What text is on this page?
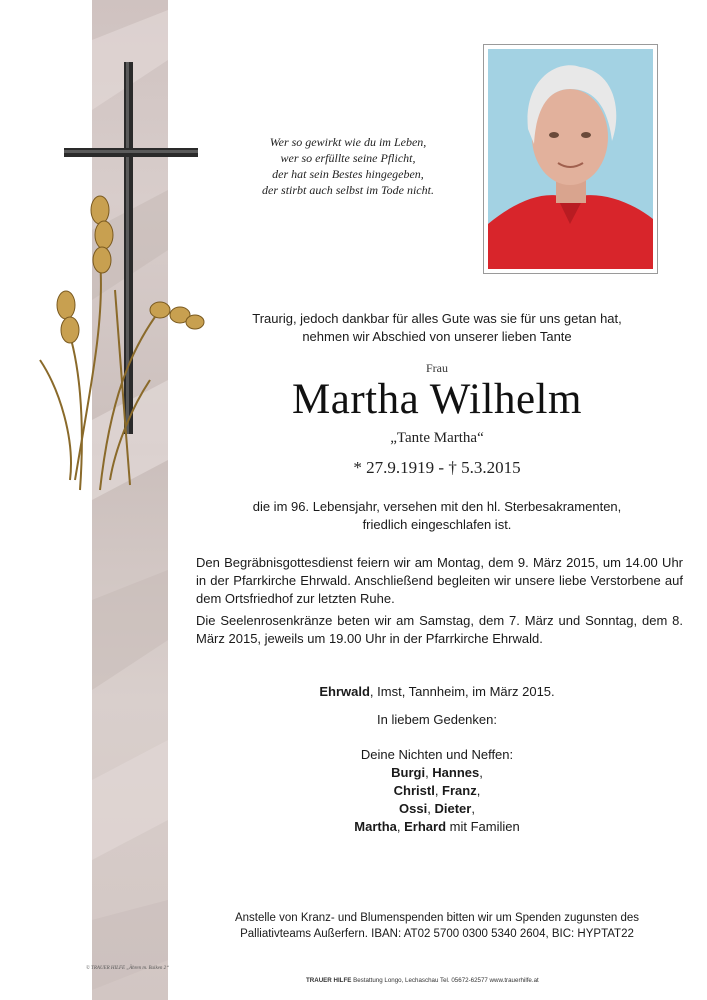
Wer so gewirkt wie du im Leben,
wer so erfüllte seine Pflicht,
der hat sein Bestes hingegeben,
der stirbt auch selbst im Tode nicht.
Traurig, jedoch dankbar für alles Gute was sie für uns getan hat,
nehmen wir Abschied von unserer lieben Tante
Frau
Martha Wilhelm
„Tante Martha“
* 27.9.1919 - † 5.3.2015
die im 96. Lebensjahr, versehen mit den hl. Sterbesakramenten,
friedlich eingeschlafen ist.
Den Begräbnisgottesdienst feiern wir am Montag, dem 9. März 2015, um 14.00 Uhr in der Pfarrkirche Ehrwald. Anschließend begleiten wir unsere liebe Verstorbene auf dem Ortsfriedhof zur letzten Ruhe.
Die Seelenrosenkränze beten wir am Samstag, dem 7. März und Sonntag, dem 8. März 2015, jeweils um 19.00 Uhr in der Pfarrkirche Ehrwald.
Ehrwald, Imst, Tannheim, im März 2015.
In liebem Gedenken:
Deine Nichten und Neffen:
Burgi, Hannes,
Christl, Franz,
Ossi, Dieter,
Martha, Erhard mit Familien
Anstelle von Kranz- und Blumenspenden bitten wir um Spenden zugunsten des
Palliativteams Außerfern. IBAN: AT02 5700 0300 5340 2604, BIC: HYPTAT22
© TRAUER HILFE „Ähren m. Balken 2“
TRAUER HILFE Bestattung Longo, Lechaschau Tel. 05672-62577 www.trauerhilfe.at
